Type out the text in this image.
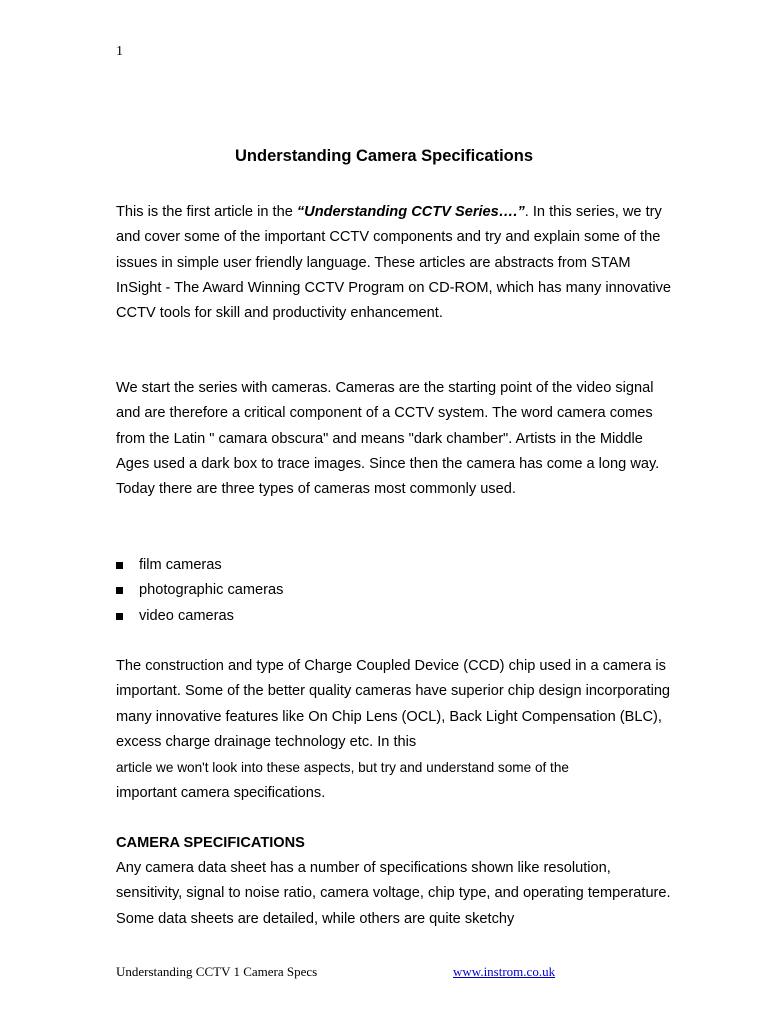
1
Understanding Camera Specifications

This is the first article in the “Understanding CCTV Series….”. In this series, we try and cover some of the important CCTV components and try and explain some of the issues in simple user friendly language. These articles are abstracts from STAM InSight - The Award Winning CCTV Program on CD-ROM, which has many innovative CCTV tools for skill and productivity enhancement.

We start the series with cameras. Cameras are the starting point of the video signal and are therefore a critical component of a CCTV system. The word camera comes from the Latin " camara obscura" and means "dark chamber". Artists in the Middle Ages used a dark box to trace images. Since then the camera has come a long way. Today there are three types of cameras most commonly used.

film cameras
photographic cameras
video cameras

The construction and type of Charge Coupled Device (CCD) chip used in a camera is important. Some of the better quality cameras have superior chip design incorporating many innovative features like On Chip Lens (OCL), Back Light Compensation (BLC), excess charge drainage technology etc. In this
article we won't look into these aspects, but try and understand some of the
important camera specifications.

CAMERA SPECIFICATIONS

Any camera data sheet has a number of specifications shown like resolution, sensitivity, signal to noise ratio, camera voltage, chip type, and operating temperature. Some data sheets are detailed, while others are quite sketchy

Understanding CCTV 1 Camera Specs	www.instrom.co.uk
